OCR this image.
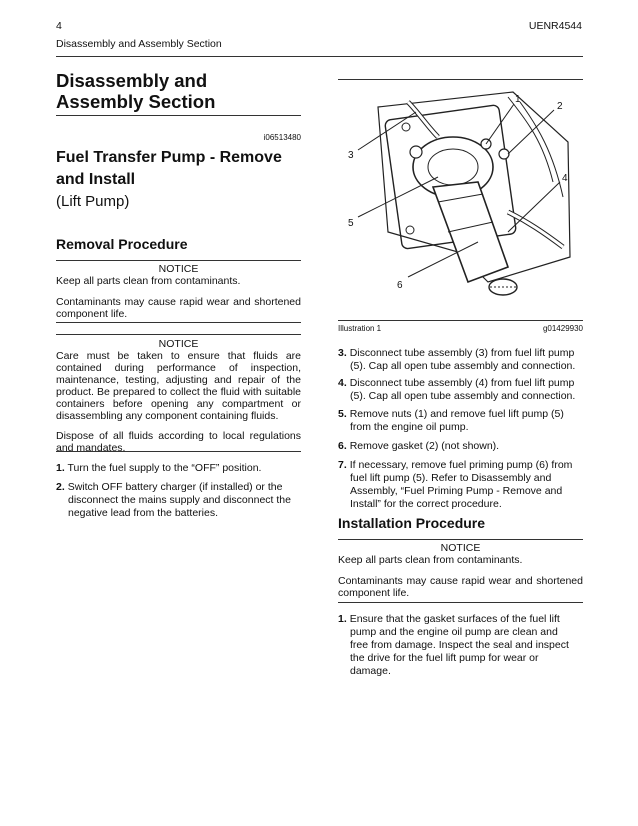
4	UENR4544
Disassembly and Assembly Section
Disassembly and
Assembly Section
i06513480
Fuel Transfer Pump - Remove
and Install
(Lift Pump)
Removal Procedure
NOTICE
Keep all parts clean from contaminants.
Contaminants may cause rapid wear and shortened component life.
NOTICE
Care must be taken to ensure that fluids are contained during performance of inspection, maintenance, testing, adjusting and repair of the product. Be prepared to collect the fluid with suitable containers before opening any compartment or disassembling any component containing fluids.
Dispose of all fluids according to local regulations and mandates.
1. Turn the fuel supply to the “OFF” position.
2. Switch OFF battery charger (if installed) or the
disconnect the mains supply and disconnect the negative lead from the batteries.
1
2
3
4
5
6
Illustration 1	g01429930
3. Disconnect tube assembly (3) from fuel lift pump
(5). Cap all open tube assembly and connection.
4. Disconnect tube assembly (4) from fuel lift pump
(5). Cap all open tube assembly and connection.
5. Remove nuts (1) and remove fuel lift pump (5)
from the engine oil pump.
6. Remove gasket (2) (not shown).
7. If necessary, remove fuel priming pump (6) from
fuel lift pump (5). Refer to Disassembly and Assembly, “Fuel Priming Pump - Remove and Install” for the correct procedure.
Installation Procedure
NOTICE
Keep all parts clean from contaminants.
Contaminants may cause rapid wear and shortened component life.
1. Ensure that the gasket surfaces of the fuel lift
pump and the engine oil pump are clean and free from damage. Inspect the seal and inspect the drive for the fuel lift pump for wear or damage.
